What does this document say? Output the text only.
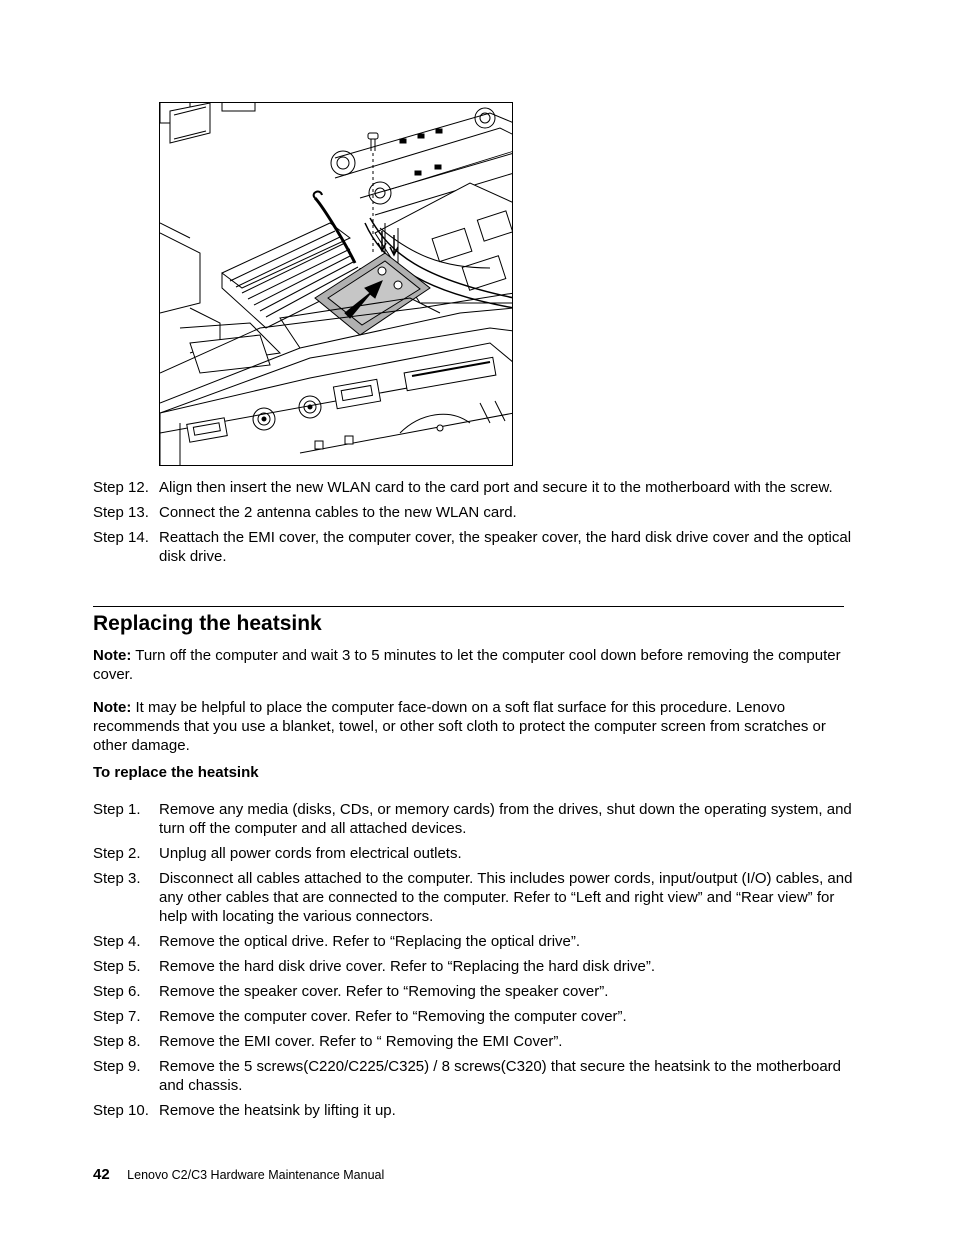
Step 12. Align then insert the new WLAN card to the card port and secure it to the motherboard with the screw.
Step 13. Connect the 2 antenna cables to the new WLAN card.
Step 14. Reattach the EMI cover, the computer cover, the speaker cover, the hard disk drive cover and the optical disk drive.
Replacing the heatsink
Note: Turn off the computer and wait 3 to 5 minutes to let the computer cool down before removing the computer cover.
Note: It may be helpful to place the computer face-down on a soft flat surface for this procedure. Lenovo recommends that you use a blanket, towel, or other soft cloth to protect the computer screen from scratches or other damage.
To replace the heatsink
Step 1.	Remove any media (disks, CDs, or memory cards) from the drives, shut down the operating system, and turn off the computer and all attached devices.
Step 2.	Unplug all power cords from electrical outlets.
Step 3.	Disconnect all cables attached to the computer. This includes power cords, input/output (I/O) cables, and any other cables that are connected to the computer. Refer to “Left and right view” and “Rear view” for help with locating the various connectors.
Step 4.	Remove the optical drive. Refer to “Replacing the optical drive”.
Step 5.	Remove the hard disk drive cover. Refer to “Replacing the hard disk drive”.
Step 6.	Remove the speaker cover. Refer to “Removing the speaker cover”.
Step 7.	Remove the computer cover. Refer to “Removing the computer cover”.
Step 8.	Remove the EMI cover. Refer to “ Removing the EMI Cover”.
Step 9.	Remove the 5 screws(C220/C225/C325) / 8 screws(C320) that secure the heatsink to the motherboard and chassis.
Step 10. Remove the heatsink by lifting it up.
42 Lenovo C2/C3 Hardware Maintenance Manual
